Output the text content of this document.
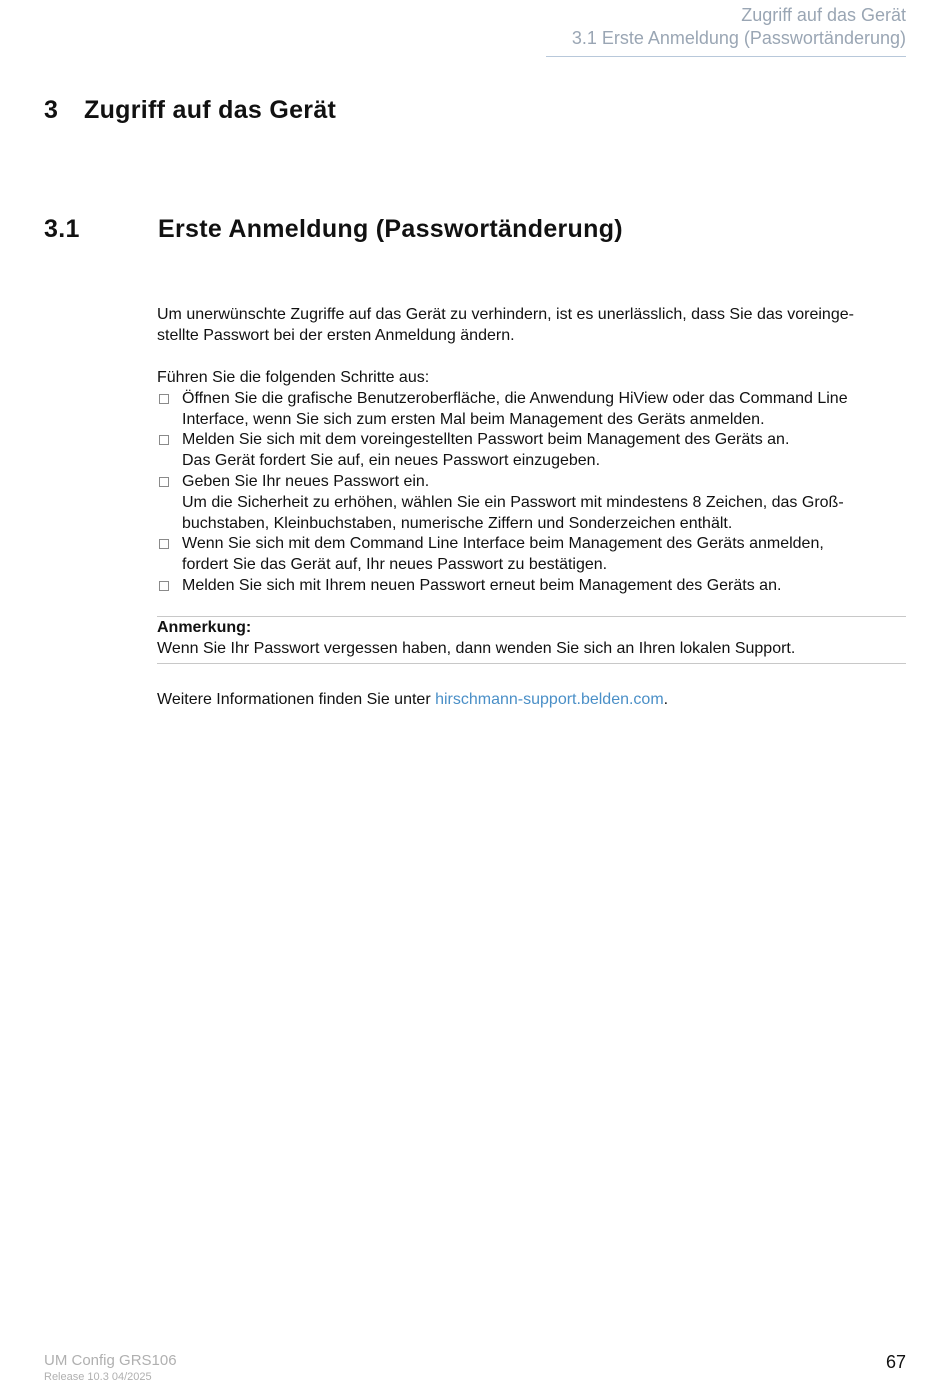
Zugriff auf das Gerät
3.1 Erste Anmeldung (Passwortänderung)
3 Zugriff auf das Gerät
3.1	Erste Anmeldung (Passwortänderung)
Um unerwünschte Zugriffe auf das Gerät zu verhindern, ist es unerlässlich, dass Sie das voreinge-
stellte Passwort bei der ersten Anmeldung ändern.
Führen Sie die folgenden Schritte aus:
Öffnen Sie die grafische Benutzeroberfläche, die Anwendung HiView oder das Command Line
Interface, wenn Sie sich zum ersten Mal beim Management des Geräts anmelden.
Melden Sie sich mit dem voreingestellten Passwort beim Management des Geräts an.
Das Gerät fordert Sie auf, ein neues Passwort einzugeben.
Geben Sie Ihr neues Passwort ein.
Um die Sicherheit zu erhöhen, wählen Sie ein Passwort mit mindestens 8 Zeichen, das Groß-
buchstaben, Kleinbuchstaben, numerische Ziffern und Sonderzeichen enthält.
Wenn Sie sich mit dem Command Line Interface beim Management des Geräts anmelden,
fordert Sie das Gerät auf, Ihr neues Passwort zu bestätigen.
Melden Sie sich mit Ihrem neuen Passwort erneut beim Management des Geräts an.
Anmerkung:
Wenn Sie Ihr Passwort vergessen haben, dann wenden Sie sich an Ihren lokalen Support.
Weitere Informationen finden Sie unter hirschmann-support.belden.com.
UM Config GRS106
Release 10.3 04/2025
67
